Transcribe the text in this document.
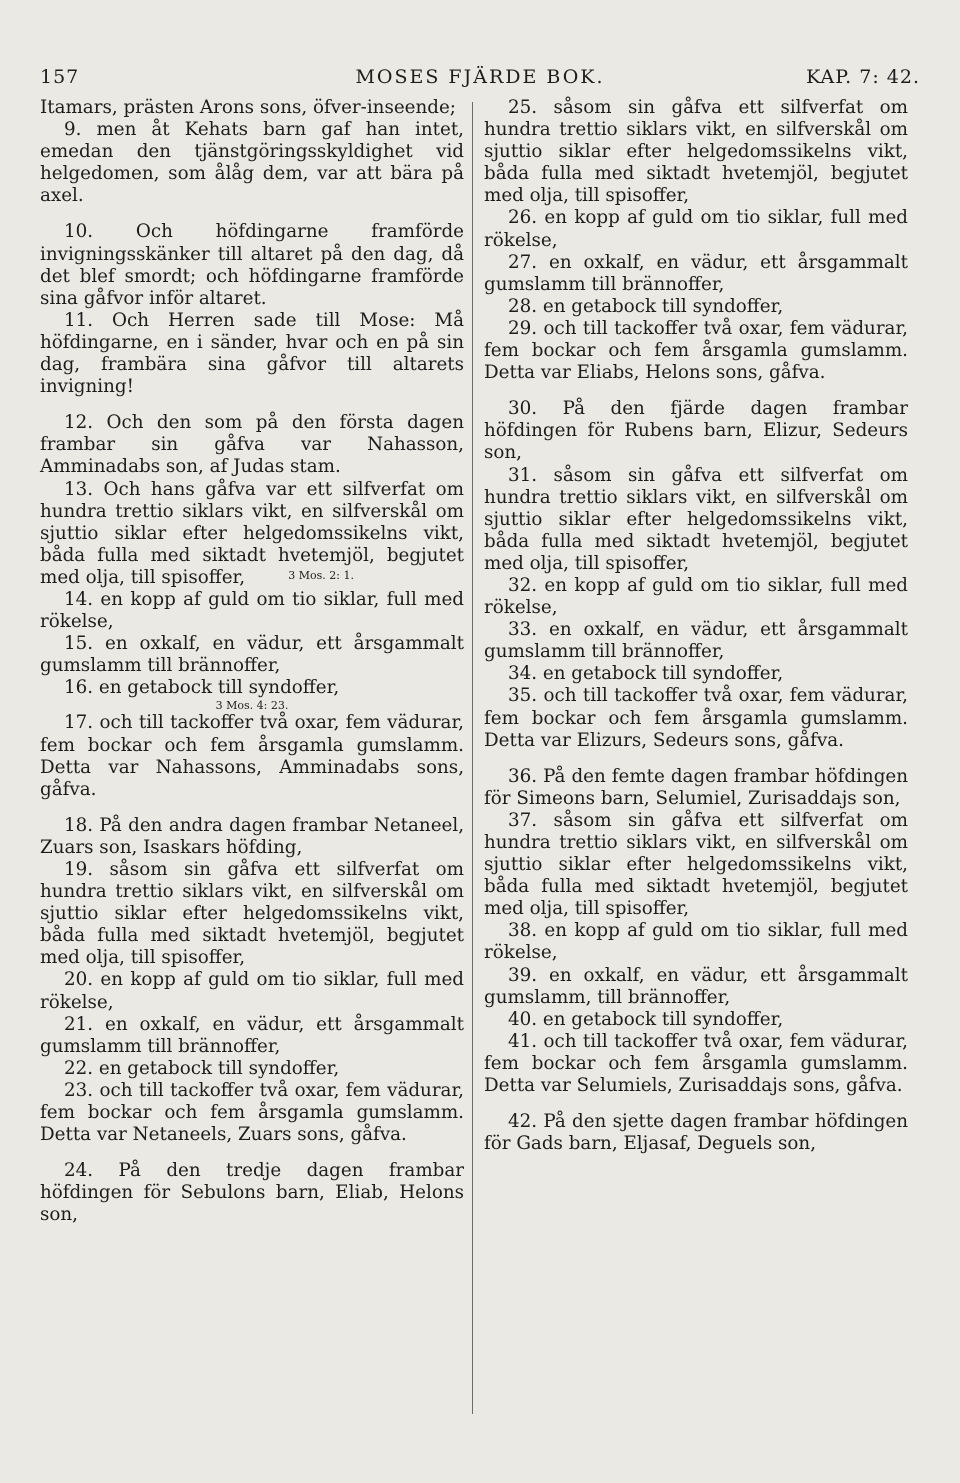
157	MOSES FJÄRDE BOK.	KAP. 7: 42.

Itamars, prästen Arons sons, öfver-inseende;

9. men åt Kehats barn gaf han intet, emedan den tjänstgöringsskyldighet vid helgedomen, som ålåg dem, var att bära på axel.

10. Och höfdingarne framförde invigningsskänker till altaret på den dag, då det blef smordt; och höfdingarne framförde sina gåfvor inför altaret.

11. Och Herren sade till Mose: Må höfdingarne, en i sänder, hvar och en på sin dag, frambära sina gåfvor till altarets invigning!

12. Och den som på den första dagen frambar sin gåfva var Nahasson, Amminadabs son, af Judas stam.

13. Och hans gåfva var ett silfverfat om hundra trettio siklars vikt, en silfverskål om sjuttio siklar efter helgedomssikelns vikt, båda fulla med siktadt hvetemjöl, begjutet med olja, till spisoffer,	3 Mos. 2: 1.

14. en kopp af guld om tio siklar, full med rökelse,

15. en oxkalf, en vädur, ett årsgammalt gumslamm till brännoffer,

16. en getabock till syndoffer,

3 Mos. 4: 23.

17. och till tackoffer två oxar, fem vädurar, fem bockar och fem årsgamla gumslamm. Detta var Nahassons, Amminadabs sons, gåfva.

18. På den andra dagen frambar Netaneel, Zuars son, Isaskars höfding,

19. såsom sin gåfva ett silfverfat om hundra trettio siklars vikt, en silfverskål om sjuttio siklar efter helgedomssikelns vikt, båda fulla med siktadt hvetemjöl, begjutet med olja, till spisoffer,

20. en kopp af guld om tio siklar, full med rökelse,

21. en oxkalf, en vädur, ett årsgammalt gumslamm till brännoffer,

22. en getabock till syndoffer,

23. och till tackoffer två oxar, fem vädurar, fem bockar och fem årsgamla gumslamm. Detta var Netaneels, Zuars sons, gåfva.

24. På den tredje dagen frambar höfdingen för Sebulons barn, Eliab, Helons son,

25. såsom sin gåfva ett silfverfat om hundra trettio siklars vikt, en silfverskål om sjuttio siklar efter helgedomssikelns vikt, båda fulla med siktadt hvetemjöl, begjutet med olja, till spisoffer,

26. en kopp af guld om tio siklar, full med rökelse,

27. en oxkalf, en vädur, ett årsgammalt gumslamm till brännoffer,

28. en getabock till syndoffer,

29. och till tackoffer två oxar, fem vädurar, fem bockar och fem årsgamla gumslamm. Detta var Eliabs, Helons sons, gåfva.

30. På den fjärde dagen frambar höfdingen för Rubens barn, Elizur, Sedeurs son,

31. såsom sin gåfva ett silfverfat om hundra trettio siklars vikt, en silfverskål om sjuttio siklar efter helgedomssikelns vikt, båda fulla med siktadt hvetemjöl, begjutet med olja, till spisoffer,

32. en kopp af guld om tio siklar, full med rökelse,

33. en oxkalf, en vädur, ett årsgammalt gumslamm till brännoffer,

34. en getabock till syndoffer,

35. och till tackoffer två oxar, fem vädurar, fem bockar och fem årsgamla gumslamm. Detta var Elizurs, Sedeurs sons, gåfva.

36. På den femte dagen frambar höfdingen för Simeons barn, Selumiel, Zurisaddajs son,

37. såsom sin gåfva ett silfverfat om hundra trettio siklars vikt, en silfverskål om sjuttio siklar efter helgedomssikelns vikt, båda fulla med siktadt hvetemjöl, begjutet med olja, till spisoffer,

38. en kopp af guld om tio siklar, full med rökelse,

39. en oxkalf, en vädur, ett årsgammalt gumslamm, till brännoffer,

40. en getabock till syndoffer,

41. och till tackoffer två oxar, fem vädurar, fem bockar och fem årsgamla gumslamm. Detta var Selumiels, Zurisaddajs sons, gåfva.

42. På den sjette dagen frambar höfdingen för Gads barn, Eljasaf, Deguels son,
